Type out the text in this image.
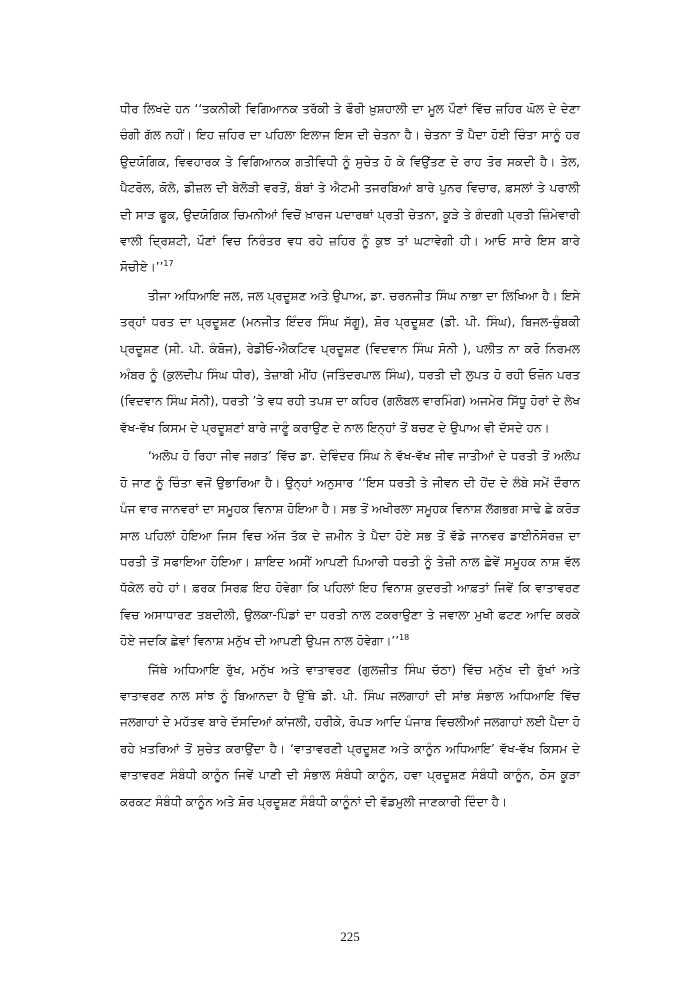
ਧੀਰ ਲਿਖਦੇ ਹਨ ‘‘ਤਕਨੀਕੀ ਵਿਗਿਆਨਕ ਤਰੱਕੀ ਤੇ ਫੌਰੀ ਖ਼ੁਸ਼ਹਾਲੀ ਦਾ ਮੂਲ ਪੌਣਾਂ ਵਿੱਚ ਜ਼ਹਿਰ ਘੋਲ ਦੇ ਦੇਣਾ ਚੰਗੀ ਗੱਲ ਨਹੀਂ। ਇਹ ਜ਼ਹਿਰ ਦਾ ਪਹਿਲਾ ਇਲਾਜ ਇਸ ਦੀ ਚੇਤਨਾ ਹੈ। ਚੇਤਨਾ ਤੋਂ ਪੈਦਾ ਹੋਈ ਚਿੰਤਾ ਸਾਨੂੰ ਹਰ ਉਦਯੋਗਿਕ, ਵਿਵਹਾਰਕ ਤੇ ਵਿਗਿਆਨਕ ਗਤੀਵਿਧੀ ਨੂੰ ਸੁਚੇਤ ਹੋ ਕੇ ਵਿਉਂਤਣ ਦੇ ਰਾਹ ਤੋਰ ਸਕਦੀ ਹੈ। ਤੇਲ, ਪੈਟਰੋਲ, ਕੋਲੇ, ਡੀਜ਼ਲ ਦੀ ਬੇਲੋੜੀ ਵਰਤੋਂ, ਬੰਬਾਂ ਤੇ ਐਟਮੀ ਤਜਰਬਿਆਂ ਬਾਰੇ ਪੁਨਰ ਵਿਚਾਰ, ਫ਼ਸਲਾਂ ਤੇ ਪਰਾਲੀ ਦੀ ਸਾੜ ਫੂਕ, ਉਦਯੋਗਿਕ ਚਿਮਨੀਆਂ ਵਿਚੋਂ ਖ਼ਾਰਜ ਪਦਾਰਥਾਂ ਪ੍ਰਤੀ ਚੇਤਨਾ, ਕੂੜੇ ਤੇ ਗੰਦਗੀ ਪ੍ਰਤੀ ਜ਼ਿੰਮੇਵਾਰੀ ਵਾਲੀ ਦ੍ਰਿਸ਼ਟੀ, ਪੌਣਾਂ ਵਿਚ ਨਿਰੰਤਰ ਵਧ ਰਹੇ ਜ਼ਹਿਰ ਨੂੰ ਕੁਝ ਤਾਂ ਘਟਾਵੇਗੀ ਹੀ। ਆਓ ਸਾਰੇ ਇਸ ਬਾਰੇ ਸੋਚੀਏ।’’$^{17}$

ਤੀਜਾ ਅਧਿਆਇ ਜਲ, ਜਲ ਪ੍ਰਦੂਸ਼ਣ ਅਤੇ ਉਪਾਅ, ਡਾ. ਚਰਨਜੀਤ ਸਿੰਘ ਨਾਭਾ ਦਾ ਲਿਖਿਆ ਹੈ। ਇਸੇ ਤਰ੍ਹਾਂ ਧਰਤ ਦਾ ਪ੍ਰਦੂਸ਼ਣ (ਮਨਜੀਤ ਇੰਦਰ ਸਿੰਘ ਸੱਗੂ), ਸ਼ੋਰ ਪ੍ਰਦੂਸ਼ਣ (ਡੀ. ਪੀ. ਸਿੰਘ), ਬਿਜਲ-ਚੁੰਬਕੀ ਪ੍ਰਦੂਸ਼ਣ (ਸੀ. ਪੀ. ਕੰਬੋਜ), ਰੇਡੀਓ-ਐਕਟਿਵ ਪ੍ਰਦੂਸ਼ਣ (ਵਿਦਵਾਨ ਸਿੰਘ ਸੋਨੀ ), ਪਲੀਤ ਨਾ ਕਰੋ ਨਿਰਮਲ ਅੰਬਰ ਨੂੰ (ਕੁਲਦੀਪ ਸਿੰਘ ਧੀਰ), ਤੇਜ਼ਾਬੀ ਮੀਂਹ (ਜਤਿੰਦਰਪਾਲ ਸਿੰਘ), ਧਰਤੀ ਦੀ ਲੁਪਤ ਹੋ ਰਹੀ ਓਜ਼ੋਨ ਪਰਤ (ਵਿਦਵਾਨ ਸਿੰਘ ਸੋਨੀ), ਧਰਤੀ ’ਤੇ ਵਧ ਰਹੀ ਤਪਸ਼ ਦਾ ਕਹਿਰ (ਗਲੋਬਲ ਵਾਰਮਿੰਗ) ਅਜਮੇਰ ਸਿੱਧੂ ਹੋਰਾਂ ਦੇ ਲੇਖ ਵੱਖ-ਵੱਖ ਕਿਸਮ ਦੇ ਪ੍ਰਦੂਸ਼ਣਾਂ ਬਾਰੇ ਜਾਣੂੰ ਕਰਾਉਣ ਦੇ ਨਾਲ ਇਨ੍ਹਾਂ ਤੋਂ ਬਚਣ ਦੇ ਉਪਾਅ ਵੀ ਦੱਸਦੇ ਹਨ।

‘ਅਲੋਪ ਹੋ ਰਿਹਾ ਜੀਵ ਜਗਤ’ ਵਿੱਚ ਡਾ. ਦੇਵਿੰਦਰ ਸਿੰਘ ਨੇ ਵੱਖ-ਵੱਖ ਜੀਵ ਜਾਤੀਆਂ ਦੇ ਧਰਤੀ ਤੋਂ ਅਲੋਪ ਹੋ ਜਾਣ ਨੂੰ ਚਿੰਤਾ ਵਜੋਂ ਉਭਾਰਿਆ ਹੈ। ਉਨ੍ਹਾਂ ਅਨੁਸਾਰ ‘‘ਇਸ ਧਰਤੀ ਤੇ ਜੀਵਨ ਦੀ ਹੋਂਦ ਦੇ ਲੰਬੇ ਸਮੇਂ ਦੌਰਾਨ ਪੰਜ ਵਾਰ ਜਾਨਵਰਾਂ ਦਾ ਸਮੂਹਕ ਵਿਨਾਸ਼ ਹੋਇਆ ਹੈ। ਸਭ ਤੋਂ ਅਖੀਰਲਾ ਸਮੂਹਕ ਵਿਨਾਸ਼ ਲੱਗਭਗ ਸਾਢੇ ਛੇ ਕਰੋੜ ਸਾਲ ਪਹਿਲਾਂ ਹੋਇਆ ਜਿਸ ਵਿਚ ਅੱਜ ਤੱਕ ਦੇ ਜ਼ਮੀਨ ਤੇ ਪੈਦਾ ਹੋਏ ਸਭ ਤੋਂ ਵੱਡੇ ਜਾਨਵਰ ਡਾਈਨੋਸੋਰਜ਼ ਦਾ ਧਰਤੀ ਤੋਂ ਸਫਾਇਆ ਹੋਇਆ। ਸ਼ਾਇਦ ਅਸੀਂ ਆਪਣੀ ਪਿਆਰੀ ਧਰਤੀ ਨੂੰ ਤੇਜ਼ੀ ਨਾਲ ਛੇਵੇਂ ਸਮੂਹਕ ਨਾਸ਼ ਵੱਲ ਧੱਕੇਲ ਰਹੇ ਹਾਂ। ਫ਼ਰਕ ਸਿਰਫ਼ ਇਹ ਹੋਵੇਗਾ ਕਿ ਪਹਿਲਾਂ ਇਹ ਵਿਨਾਸ਼ ਕੁਦਰਤੀ ਆਫ਼ਤਾਂ ਜਿਵੇਂ ਕਿ ਵਾਤਾਵਰਣ ਵਿਚ ਅਸਾਧਾਰਣ ਤਬਦੀਲੀ, ਉਲਕਾ-ਪਿੰਡਾਂ ਦਾ ਧਰਤੀ ਨਾਲ ਟਕਰਾਉਣਾ ਤੇ ਜਵਾਲਾ ਮੁਖੀ ਫਟਣ ਆਦਿ ਕਰਕੇ ਹੋਏ ਜਦਕਿ ਛੇਵਾਂ ਵਿਨਾਸ਼ ਮਨੁੱਖ ਦੀ ਆਪਣੀ ਉਪਜ ਨਾਲ ਹੋਵੇਗਾ।’’$^{18}$

ਜਿੱਥੇ ਅਧਿਆਇ ਰੁੱਖ, ਮਨੁੱਖ ਅਤੇ ਵਾਤਾਵਰਣ (ਗੁਲਜ਼ੀਤ ਸਿੰਘ ਚੱਠਾ) ਵਿੱਚ ਮਨੁੱਖ ਦੀ ਰੁੱਖਾਂ ਅਤੇ ਵਾਤਾਵਰਣ ਨਾਲ ਸਾਂਝ ਨੂੰ ਬਿਆਨਦਾ ਹੈ ਉੱਥੇ ਡੀ. ਪੀ. ਸਿੰਘ ਜਲਗਾਹਾਂ ਦੀ ਸਾਂਭ ਸੰਭਾਲ ਅਧਿਆਇ ਵਿੱਚ ਜਲਗਾਹਾਂ ਦੇ ਮਹੱਤਵ ਬਾਰੇ ਦੱਸਦਿਆਂ ਕਾਂਜਲੀ, ਹਰੀਕੇ, ਰੋਪੜ ਆਦਿ ਪੰਜਾਬ ਵਿਚਲੀਆਂ ਜਲਗਾਹਾਂ ਲਈ ਪੈਦਾ ਹੋ ਰਹੇ ਖ਼ਤਰਿਆਂ ਤੋਂ ਸੁਚੇਤ ਕਰਾਉਂਦਾ ਹੈ। ‘ਵਾਤਾਵਰਣੀ ਪ੍ਰਦੂਸ਼ਣ ਅਤੇ ਕਾਨੂੰਨ ਅਧਿਆਇ’ ਵੱਖ-ਵੱਖ ਕਿਸਮ ਦੇ ਵਾਤਾਵਰਣ ਸੰਬੰਧੀ ਕਾਨੂੰਨ ਜਿਵੇਂ ਪਾਣੀ ਦੀ ਸੰਭਾਲ ਸੰਬੰਧੀ ਕਾਨੂੰਨ, ਹਵਾ ਪ੍ਰਦੂਸ਼ਣ ਸੰਬੰਧੀ ਕਾਨੂੰਨ, ਠੋਸ ਕੂੜਾ ਕਰਕਟ ਸੰਬੰਧੀ ਕਾਨੂੰਨ ਅਤੇ ਸ਼ੋਰ ਪ੍ਰਦੂਸ਼ਣ ਸੰਬੰਧੀ ਕਾਨੂੰਨਾਂ ਦੀ ਵੱਡਮੁਲੀ ਜਾਣਕਾਰੀ ਦਿੰਦਾ ਹੈ।

225
